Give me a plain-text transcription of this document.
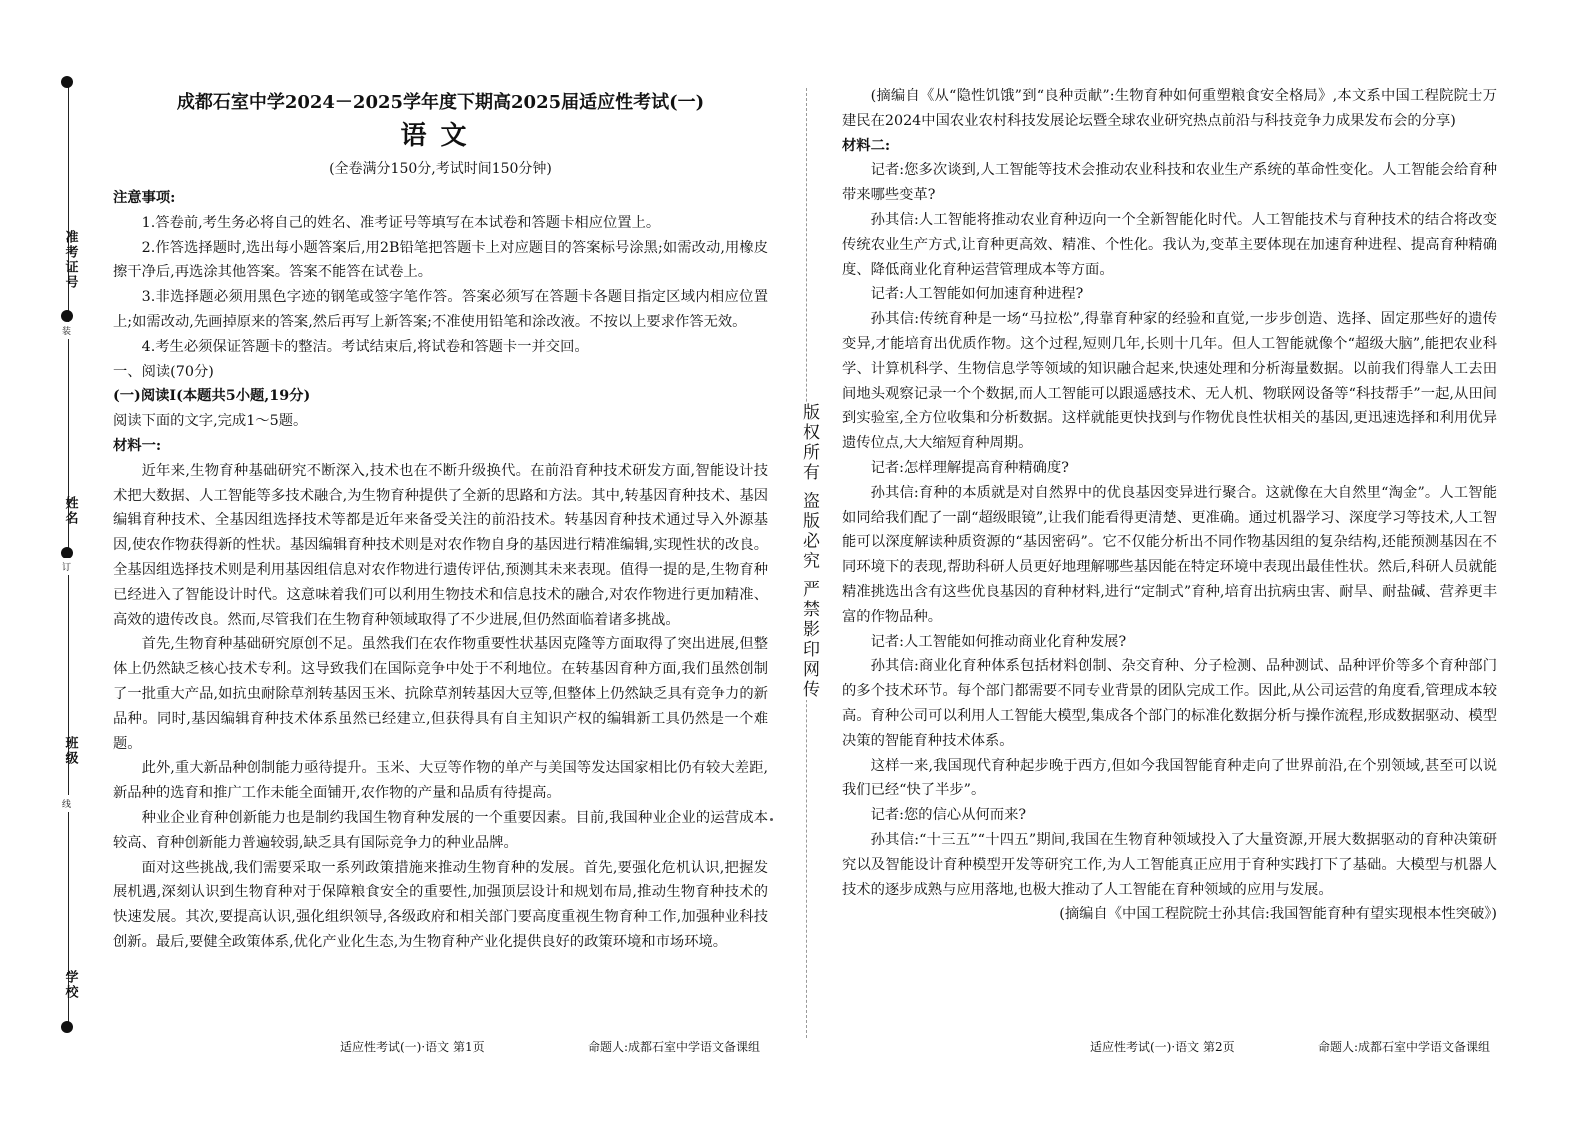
准考证号
装
姓名
订
班级
线
学校
成都石室中学2024－2025学年度下期高2025届适应性考试(一)
语文
(全卷满分150分,考试时间150分钟)

注意事项:

1.答卷前,考生务必将自己的姓名、准考证号等填写在本试卷和答题卡相应位置上。

2.作答选择题时,选出每小题答案后,用2B铅笔把答题卡上对应题目的答案标号涂黑;如需改动,用橡皮擦干净后,再选涂其他答案。答案不能答在试卷上。

3.非选择题必须用黑色字迹的钢笔或签字笔作答。答案必须写在答题卡各题目指定区域内相应位置上;如需改动,先画掉原来的答案,然后再写上新答案;不准使用铅笔和涂改液。不按以上要求作答无效。

4.考生必须保证答题卡的整洁。考试结束后,将试卷和答题卡一并交回。

一、阅读(70分)

(一)阅读Ⅰ(本题共5小题,19分)

阅读下面的文字,完成1～5题。

材料一:

近年来,生物育种基础研究不断深入,技术也在不断升级换代。在前沿育种技术研发方面,智能设计技术把大数据、人工智能等多技术融合,为生物育种提供了全新的思路和方法。其中,转基因育种技术、基因编辑育种技术、全基因组选择技术等都是近年来备受关注的前沿技术。转基因育种技术通过导入外源基因,使农作物获得新的性状。基因编辑育种技术则是对农作物自身的基因进行精准编辑,实现性状的改良。全基因组选择技术则是利用基因组信息对农作物进行遗传评估,预测其未来表现。值得一提的是,生物育种已经进入了智能设计时代。这意味着我们可以利用生物技术和信息技术的融合,对农作物进行更加精准、高效的遗传改良。然而,尽管我们在生物育种领域取得了不少进展,但仍然面临着诸多挑战。

首先,生物育种基础研究原创不足。虽然我们在农作物重要性状基因克隆等方面取得了突出进展,但整体上仍然缺乏核心技术专利。这导致我们在国际竞争中处于不利地位。在转基因育种方面,我们虽然创制了一批重大产品,如抗虫耐除草剂转基因玉米、抗除草剂转基因大豆等,但整体上仍然缺乏具有竞争力的新品种。同时,基因编辑育种技术体系虽然已经建立,但获得具有自主知识产权的编辑新工具仍然是一个难题。

此外,重大新品种创制能力亟待提升。玉米、大豆等作物的单产与美国等发达国家相比仍有较大差距,新品种的选育和推广工作未能全面铺开,农作物的产量和品质有待提高。

种业企业育种创新能力也是制约我国生物育种发展的一个重要因素。目前,我国种业企业的运营成本较高、育种创新能力普遍较弱,缺乏具有国际竞争力的种业品牌。

面对这些挑战,我们需要采取一系列政策措施来推动生物育种的发展。首先,要强化危机认识,把握发展机遇,深刻认识到生物育种对于保障粮食安全的重要性,加强顶层设计和规划布局,推动生物育种技术的快速发展。其次,要提高认识,强化组织领导,各级政府和相关部门要高度重视生物育种工作,加强种业科技创新。最后,要健全政策体系,优化产业化生态,为生物育种产业化提供良好的政策环境和市场环境。

版权所有 盗版必究 严禁影印网传

(摘编自《从“隐性饥饿”到“良种贡献”:生物育种如何重塑粮食安全格局》,本文系中国工程院院士万建民在2024中国农业农村科技发展论坛暨全球农业研究热点前沿与科技竞争力成果发布会的分享)

材料二:

记者:您多次谈到,人工智能等技术会推动农业科技和农业生产系统的革命性变化。人工智能会给育种带来哪些变革?

孙其信:人工智能将推动农业育种迈向一个全新智能化时代。人工智能技术与育种技术的结合将改变传统农业生产方式,让育种更高效、精准、个性化。我认为,变革主要体现在加速育种进程、提高育种精确度、降低商业化育种运营管理成本等方面。

记者:人工智能如何加速育种进程?

孙其信:传统育种是一场“马拉松”,得靠育种家的经验和直觉,一步步创造、选择、固定那些好的遗传变异,才能培育出优质作物。这个过程,短则几年,长则十几年。但人工智能就像个“超级大脑”,能把农业科学、计算机科学、生物信息学等领域的知识融合起来,快速处理和分析海量数据。以前我们得靠人工去田间地头观察记录一个个数据,而人工智能可以跟遥感技术、无人机、物联网设备等“科技帮手”一起,从田间到实验室,全方位收集和分析数据。这样就能更快找到与作物优良性状相关的基因,更迅速选择和利用优异遗传位点,大大缩短育种周期。

记者:怎样理解提高育种精确度?

孙其信:育种的本质就是对自然界中的优良基因变异进行聚合。这就像在大自然里“淘金”。人工智能如同给我们配了一副“超级眼镜”,让我们能看得更清楚、更准确。通过机器学习、深度学习等技术,人工智能可以深度解读种质资源的“基因密码”。它不仅能分析出不同作物基因组的复杂结构,还能预测基因在不同环境下的表现,帮助科研人员更好地理解哪些基因能在特定环境中表现出最佳性状。然后,科研人员就能精准挑选出含有这些优良基因的育种材料,进行“定制式”育种,培育出抗病虫害、耐旱、耐盐碱、营养更丰富的作物品种。

记者:人工智能如何推动商业化育种发展?

孙其信:商业化育种体系包括材料创制、杂交育种、分子检测、品种测试、品种评价等多个育种部门的多个技术环节。每个部门都需要不同专业背景的团队完成工作。因此,从公司运营的角度看,管理成本较高。育种公司可以利用人工智能大模型,集成各个部门的标准化数据分析与操作流程,形成数据驱动、模型决策的智能育种技术体系。

这样一来,我国现代育种起步晚于西方,但如今我国智能育种走向了世界前沿,在个别领域,甚至可以说我们已经“快了半步”。

记者:您的信心从何而来?

孙其信:“十三五”“十四五”期间,我国在生物育种领域投入了大量资源,开展大数据驱动的育种决策研究以及智能设计育种模型开发等研究工作,为人工智能真正应用于育种实践打下了基础。大模型与机器人技术的逐步成熟与应用落地,也极大推动了人工智能在育种领域的应用与发展。

(摘编自《中国工程院院士孙其信:我国智能育种有望实现根本性突破》)

适应性考试(一)·语文 第1页	命题人:成都石室中学语文备课组	适应性考试(一)·语文 第2页	命题人:成都石室中学语文备课组
